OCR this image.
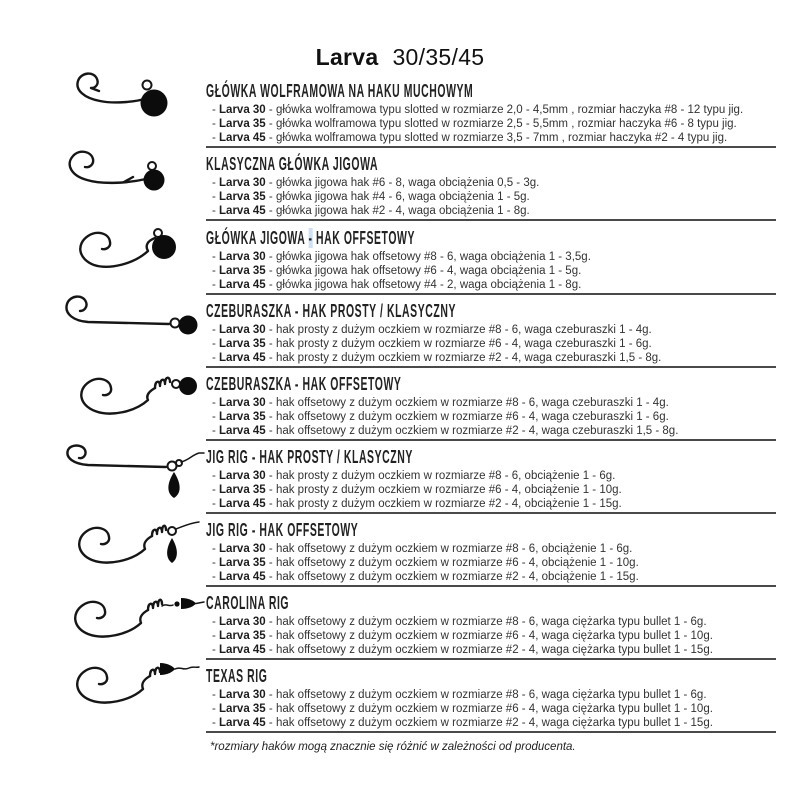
Larva 30/35/45
GŁÓWKA WOLFRAMOWA NA HAKU MUCHOWYM
- Larva 30 - główka wolframowa typu slotted w rozmiarze 2,0 - 4,5mm , rozmiar haczyka #8 - 12 typu jig.
- Larva 35 - główka wolframowa typu slotted w rozmiarze 2,5 - 5,5mm , rozmiar haczyka #6 - 8 typu jig.
- Larva 45 - główka wolframowa typu slotted w rozmiarze 3,5 - 7mm , rozmiar haczyka #2 - 4 typu jig.
KLASYCZNA GŁÓWKA JIGOWA
- Larva 30 - główka jigowa hak #6 - 8, waga obciążenia 0,5 - 3g.
- Larva 35 - główka jigowa hak #4 - 6, waga obciążenia 1 - 5g.
- Larva 45 - główka jigowa hak #2 - 4, waga obciążenia 1 - 8g.
GŁÓWKA JIGOWA - HAK OFFSETOWY
- Larva 30 - główka jigowa hak offsetowy #8 - 6, waga obciążenia 1 - 3,5g.
- Larva 35 - główka jigowa hak offsetowy #6 - 4, waga obciążenia 1 - 5g.
- Larva 45 - główka jigowa hak offsetowy #4 - 2, waga obciążenia 1 - 8g.
CZEBURASZKA - HAK PROSTY / KLASYCZNY
- Larva 30 - hak prosty z dużym oczkiem w rozmiarze #8 - 6, waga czeburaszki 1 - 4g.
- Larva 35 - hak prosty z dużym oczkiem w rozmiarze #6 - 4, waga czeburaszki 1 - 6g.
- Larva 45 - hak prosty z dużym oczkiem w rozmiarze #2 - 4, waga czeburaszki 1,5 - 8g.
CZEBURASZKA - HAK OFFSETOWY
- Larva 30 - hak offsetowy z dużym oczkiem w rozmiarze #8 - 6, waga czeburaszki 1 - 4g.
- Larva 35 - hak offsetowy z dużym oczkiem w rozmiarze #6 - 4, waga czeburaszki 1 - 6g.
- Larva 45 - hak offsetowy z dużym oczkiem w rozmiarze #2 - 4, waga czeburaszki 1,5 - 8g.
JIG RIG - HAK PROSTY / KLASYCZNY
- Larva 30 - hak prosty z dużym oczkiem w rozmiarze #8 - 6, obciążenie 1 - 6g.
- Larva 35 - hak prosty z dużym oczkiem w rozmiarze #6 - 4, obciążenie 1 - 10g.
- Larva 45 - hak prosty z dużym oczkiem w rozmiarze #2 - 4, obciążenie 1 - 15g.
JIG RIG - HAK OFFSETOWY
- Larva 30 - hak offsetowy z dużym oczkiem w rozmiarze #8 - 6, obciążenie 1 - 6g.
- Larva 35 - hak offsetowy z dużym oczkiem w rozmiarze #6 - 4, obciążenie 1 - 10g.
- Larva 45 - hak offsetowy z dużym oczkiem w rozmiarze #2 - 4, obciążenie 1 - 15g.
CAROLINA RIG
- Larva 30 - hak offsetowy z dużym oczkiem w rozmiarze #8 - 6, waga ciężarka typu bullet 1 - 6g.
- Larva 35 - hak offsetowy z dużym oczkiem w rozmiarze #6 - 4, waga ciężarka typu bullet 1 - 10g.
- Larva 45 - hak offsetowy z dużym oczkiem w rozmiarze #2 - 4, waga ciężarka typu bullet 1 - 15g.
TEXAS RIG
- Larva 30 - hak offsetowy z dużym oczkiem w rozmiarze #8 - 6, waga ciężarka typu bullet 1 - 6g.
- Larva 35 - hak offsetowy z dużym oczkiem w rozmiarze #6 - 4, waga ciężarka typu bullet 1 - 10g.
- Larva 45 - hak offsetowy z dużym oczkiem w rozmiarze #2 - 4, waga ciężarka typu bullet 1 - 15g.
*rozmiary haków mogą znacznie się różnić w zależności od producenta.
